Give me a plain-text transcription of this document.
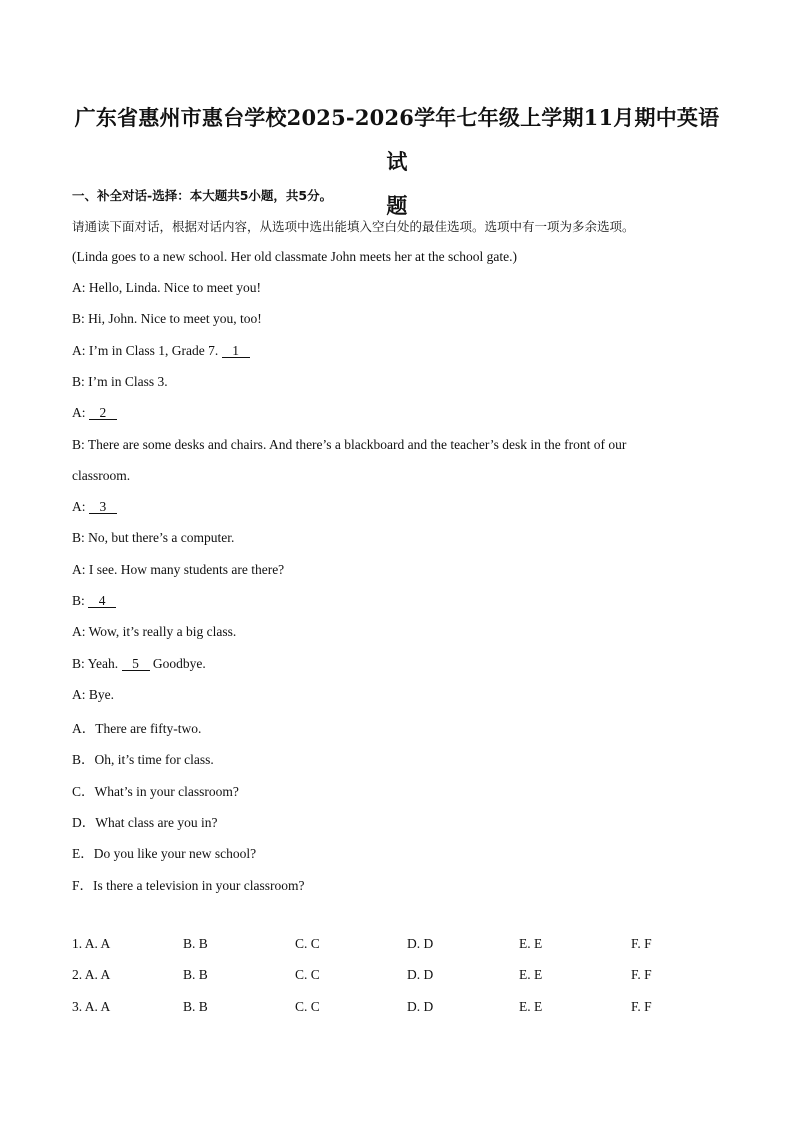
广东省惠州市惠台学校2025-2026学年七年级上学期11月期中英语试
题
一、补全对话-选择：本大题共5小题，共5分。
请通读下面对话，根据对话内容，从选项中选出能填入空白处的最佳选项。选项中有一项为多余选项。
(Linda goes to a new school. Her old classmate John meets her at the school gate.)
A: Hello, Linda. Nice to meet you!
B: Hi, John. Nice to meet you, too!
A: I’m in Class 1, Grade 7. 1
B: I’m in Class 3.
A: 2
B: There are some desks and chairs. And there’s a blackboard and the teacher’s desk in the front of our
classroom.
A: 3
B: No, but there’s a computer.
A: I see. How many students are there?
B: 4
A: Wow, it’s really a big class.
B: Yeah. 5 Goodbye.
A: Bye.
A．There are fifty-two.
B．Oh, it’s time for class.
C．What’s in your classroom?
D．What class are you in?
E．Do you like your new school?
F．Is there a television in your classroom?
1. A. A	B. B	C. C	D. D	E. E	F. F
2. A. A	B. B	C. C	D. D	E. E	F. F
3. A. A	B. B	C. C	D. D	E. E	F. F
